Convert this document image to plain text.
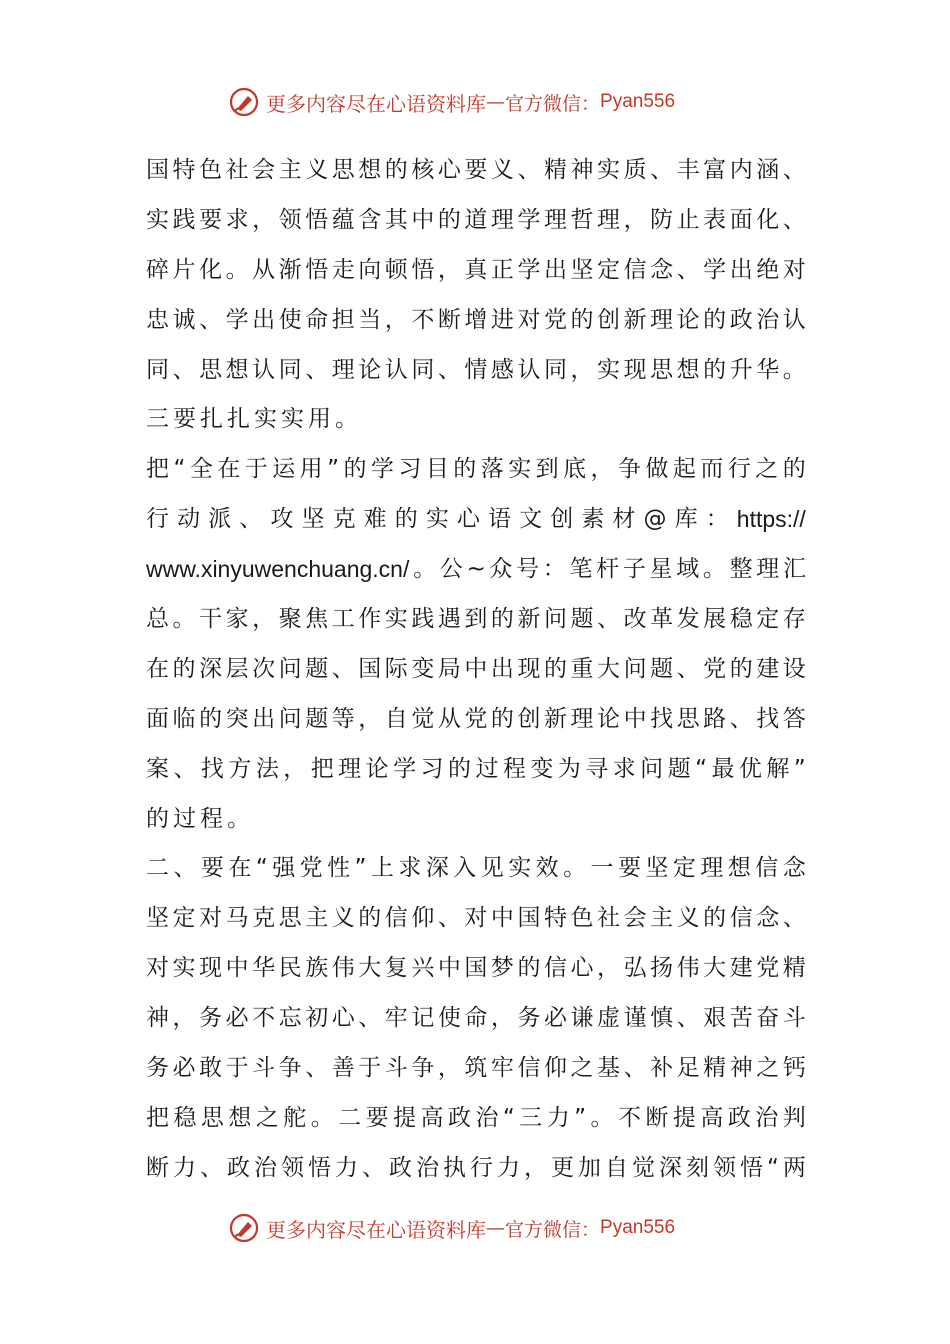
更多内容尽在心语资料库 — 官方微信： Pyan556
国 特 色 社 会 主 义 思 想 的 核 心 要 义 、 精 神 实 质 、 丰 富 内 涵 、
实 践 要 求 ， 领 悟 蕴 含 其 中 的 道 理 学 理 哲 理 ， 防 止 表 面 化 、
碎 片 化 。 从 渐 悟 走 向 顿 悟 ， 真 正 学 出 坚 定 信 念 、 学 出 绝 对
忠 诚 、 学 出 使 命 担 当 ， 不 断 增 进 对 党 的 创 新 理 论 的 政 治 认
同 、 思 想 认 同 、 理 论 认 同 、 情 感 认 同 ， 实 现 思 想 的 升 华 。
三要扎扎实实用。
把 “ 全 在 于 运 用 ” 的 学 习 目 的 落 实 到 底 ， 争 做 起 而 行 之 的
行 动 派 、 攻 坚 克 难 的 实 心 语 文 创 素 材 @ 库 ： https://
www.xinyuwenchuang.cn/ 。 公 ~ 众 号 ： 笔 杆 子 星 域 。 整 理 汇
总 。 干 家 ， 聚 焦 工 作 实 践 遇 到 的 新 问 题 、 改 革 发 展 稳 定 存
在 的 深 层 次 问 题 、 国 际 变 局 中 出 现 的 重 大 问 题 、 党 的 建 设
面 临 的 突 出 问 题 等 ， 自 觉 从 党 的 创 新 理 论 中 找 思 路 、 找 答
案 、 找 方 法 ， 把 理 论 学 习 的 过 程 变 为 寻 求 问 题 “ 最 优 解 ”
的过程。
二 、 要 在 “ 强 党 性 ” 上 求 深 入 见 实 效 。 一 要 坚 定 理 想 信 念
坚 定 对 马 克 思 主 义 的 信 仰 、 对 中 国 特 色 社 会 主 义 的 信 念 、
对 实 现 中 华 民 族 伟 大 复 兴 中 国 梦 的 信 心 ， 弘 扬 伟 大 建 党 精
神 ， 务 必 不 忘 初 心 、 牢 记 使 命 ， 务 必 谦 虚 谨 慎 、 艰 苦 奋 斗
务 必 敢 于 斗 争 、 善 于 斗 争 ， 筑 牢 信 仰 之 基 、 补 足 精 神 之 钙
把 稳 思 想 之 舵 。 二 要 提 高 政 治 “ 三 力 ” 。 不 断 提 高 政 治 判
断 力 、 政 治 领 悟 力 、 政 治 执 行 力 ， 更 加 自 觉 深 刻 领 悟 “ 两
更多内容尽在心语资料库 — 官方微信： Pyan556
